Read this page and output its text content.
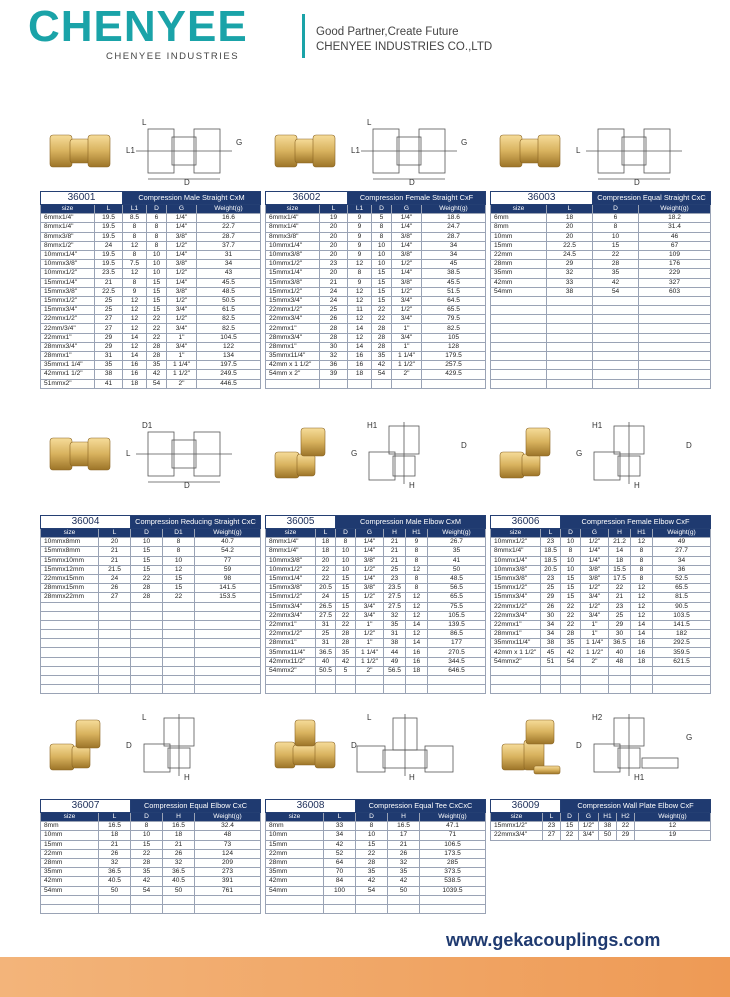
CHENYEE
CHENYEE INDUSTRIES
Good Partner,Create Future
CHENYEE INDUSTRIES CO.,LTD
L1
D
L
G
36001		Compression Male Straight CxM			
size	L	L1	D	G	Weight(g)
6mmx1/4"	19.5	8.5	6	1/4"	16.6
8mmx1/4"	19.5	8	8	1/4"	22.7
8mmx3/8"	19.5	8	8	3/8"	28.7
8mmx1/2"	24	12	8	1/2"	37.7
10mmx1/4"	19.5	8	10	1/4"	31
10mmx3/8"	19.5	7.5	10	3/8"	34
10mmx1/2"	23.5	12	10	1/2"	43
15mmx1/4"	21	8	15	1/4"	45.5
15mmx3/8"	22.5	9	15	3/8"	48.5
15mmx1/2"	25	12	15	1/2"	50.5
15mmx3/4"	25	12	15	3/4"	61.5
22mmx1/2"	27	12	22	1/2"	82.5
22mm/3/4"	27	12	22	3/4"	82.5
22mmx1"	29	14	22	1"	104.5
28mmx3/4"	29	12	28	3/4"	122
28mmx1"	31	14	28	1"	134
35mmx1 1/4"	35	16	35	1 1/4"	197.5
42mmx1 1/2"	38	16	42	1 1/2"	249.5
51mmx2"	41	18	54	2"	446.5
L1
D
L
G
36002		Compression Female Straight CxF			
size	L	L1	D	G	Weight(g)
6mmx1/4"	19	9	5	1/4"	18.6
8mmx1/4"	20	9	8	1/4"	24.7
8mmx3/8"	20	9	8	3/8"	28.7
10mmx1/4"	20	9	10	1/4"	34
10mmx3/8"	20	9	10	3/8"	34
10mmx1/2"	23	12	10	1/2"	45
15mmx1/4"	20	8	15	1/4"	38.5
15mmx3/8"	21	9	15	3/8"	45.5
15mmx1/2"	24	12	15	1/2"	51.5
15mmx3/4"	24	12	15	3/4"	64.5
22mmx1/2"	25	11	22	1/2"	65.5
22mmx3/4"	26	12	22	3/4"	79.5
22mmx1"	28	14	28	1"	82.5
28mmx3/4"	28	12	28	3/4"	105
28mmx1"	30	14	28	1"	128
35mmx11/4"	32	16	35	1 1/4"	179.5
42mm x 1 1/2"	36	16	42	1 1/2"	257.5
54mm x 2"	39	18	54	2"	429.5

L
D
36003		Compression Equal Straight CxC	
size	L	D	Weight(g)
6mm	18	6	18.2
8mm	20	8	31.4
10mm	20	10	46
15mm	22.5	15	67
22mm	24.5	22	109
28mm	29	28	176
35mm	32	35	229
42mm	33	42	327
54mm	38	54	603

L
D
D1
36004		Compression Reducing Straight CxC		
size	L	D	D1	Weight(g)
10mmx8mm	20	10	8	40.7
15mmx8mm	21	15	8	54.2
15mmx10mm	21	15	10	77
15mmx12mm	21.5	15	12	59
22mmx15mm	24	22	15	98
28mmx15mm	26	28	15	141.5
28mmx22mm	27	28	22	153.5

G
H
H1
D
36005		Compression Male Elbow CxM				
size	L	D	G	H	H1	Weight(g)
8mmx1/4"	18	8	1/4"	21	9	26.7
8mmx1/4"	18	10	1/4"	21	8	35
10mmx3/8"	20	10	3/8"	21	8	41
10mmx1/2"	22	10	1/2"	25	12	50
15mmx1/4"	22	15	1/4"	23	8	48.5
15mmx3/8"	20.5	15	3/8"	23.5	8	56.5
15mmx1/2"	24	15	1/2"	27.5	12	65.5
15mmx3/4"	26.5	15	3/4"	27.5	12	75.5
22mmx3/4"	27.5	22	3/4"	32	12	105.5
22mmx1"	31	22	1"	35	14	139.5
22mmx1/2"	25	28	1/2"	31	12	86.5
28mmx1"	31	28	1"	38	14	177
35mmx11/4"	36.5	35	1 1/4"	44	16	270.5
42mmx11/2"	40	42	1 1/2"	49	16	344.5
54mmx2"	50.5	5	2"	56.5	18	646.5

G
H
H1
D
36006		Compression Female Elbow CxF				
size	L	D	G	H	H1	Weight(g)
10mmx1/2"	23	10	1/2"	21.2	12	49
8mmx1/4"	18.5	8	1/4"	14	8	27.7
10mmx1/4"	18.5	10	1/4"	18	8	34
10mmx3/8"	20.5	10	3/8"	15.5	8	36
15mmx3/8"	23	15	3/8"	17.5	8	52.5
15mmx1/2"	25	15	1/2"	22	12	65.5
15mmx3/4"	29	15	3/4"	21	12	81.5
22mmx1/2"	26	22	1/2"	23	12	90.5
22mmx3/4"	30	22	3/4"	25	12	103.5
22mmx1"	34	22	1"	29	14	141.5
28mmx1"	34	28	1"	30	14	182
35mmx11/4"	38	35	1 1/4"	36.5	16	292.5
42mm x 1 1/2"	45	42	1 1/2"	40	16	359.5
54mmx2"	51	54	2"	48	18	621.5

D
H
L
36007		Compression Equal Elbow CxC		
size	L	D	H	Weight(g)
8mm	16.5	8	16.5	32.4
10mm	18	10	18	48
15mm	21	15	21	73
22mm	26	22	26	124
28mm	32	28	32	209
35mm	36.5	35	36.5	273
42mm	40.5	42	40.5	391
54mm	50	54	50	761

D
H
L
36008		Compression Equal Tee CxCxC		
size	L	D	H	Weight(g)
8mm	33	8	16.5	47.1
10mm	34	10	17	71
15mm	42	15	21	106.5
22mm	52	22	26	173.5
28mm	64	28	32	285
35mm	70	35	35	373.5
42mm	84	42	42	538.5
54mm	100	54	50	1039.5

D
H1
H2
G
36009		Compression Wall Plate Elbow CxF					
size	L	D	G	H1	H2	Weight(g)	
15mmx1/2"	23	15	1/2"	38	22	12	
22mmx3/4"	27	22	3/4"	50	29	19	
www.gekacouplings.com
